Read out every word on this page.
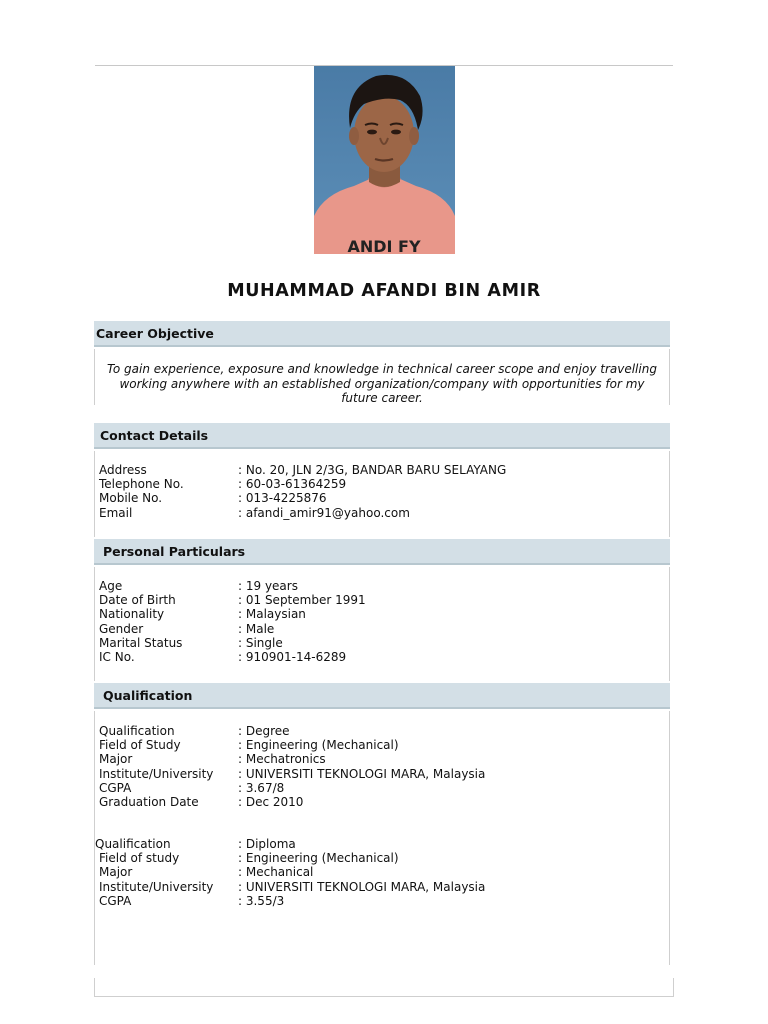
ANDI FY
MUHAMMAD AFANDI BIN AMIR
Career Objective
To gain experience, exposure and knowledge in technical career scope and enjoy travelling working anywhere with an established organization/company with opportunities for my future career.
Contact Details
Address	: No. 20, JLN 2/3G, BANDAR BARU SELAYANG
Telephone No.	: 60-03-61364259
Mobile No.	: 013-4225876
Email	: afandi_amir91@yahoo.com
Personal Particulars
Age	: 19 years
Date of Birth	: 01 September 1991
Nationality	: Malaysian
Gender	: Male
Marital Status	: Single
IC No.	: 910901-14-6289
Qualification
Qualification	: Degree
Field of Study	: Engineering (Mechanical)
Major	: Mechatronics
Institute/University : UNIVERSITI TEKNOLOGI MARA, Malaysia
CGPA	: 3.67/8
Graduation Date	: Dec 2010
Qualification	: Diploma
Field of study	: Engineering (Mechanical)
Major	: Mechanical
Institute/University : UNIVERSITI TEKNOLOGI MARA, Malaysia
CGPA	: 3.55/3
